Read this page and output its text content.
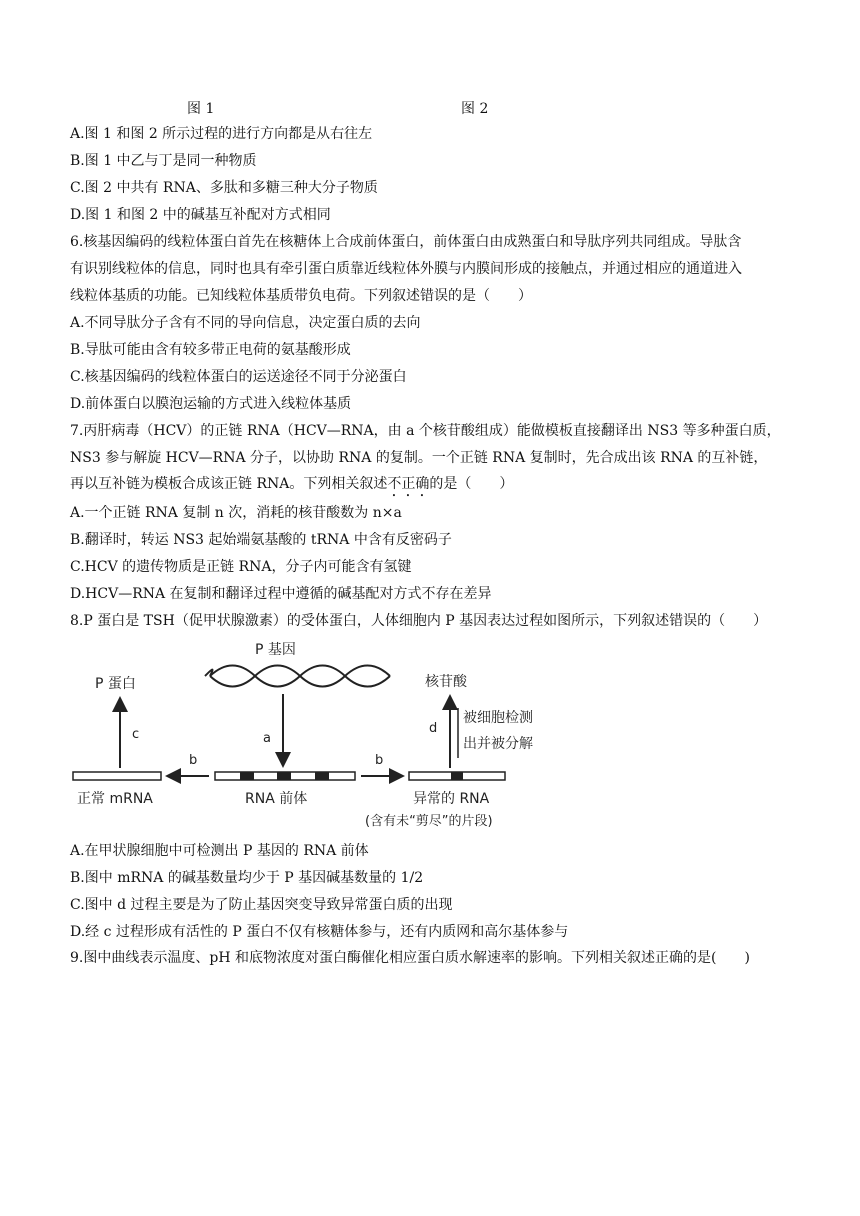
图 1	图 2
A.图 1 和图 2 所示过程的进行方向都是从右往左
B.图 1 中乙与丁是同一种物质
C.图 2 中共有 RNA、多肽和多糖三种大分子物质
D.图 1 和图 2 中的碱基互补配对方式相同
6.核基因编码的线粒体蛋白首先在核糖体上合成前体蛋白，前体蛋白由成熟蛋白和导肽序列共同组成。导肽含
有识别线粒体的信息，同时也具有牵引蛋白质靠近线粒体外膜与内膜间形成的接触点，并通过相应的通道进入
线粒体基质的功能。已知线粒体基质带负电荷。下列叙述错误的是（　　）
A.不同导肽分子含有不同的导向信息，决定蛋白质的去向
B.导肽可能由含有较多带正电荷的氨基酸形成
C.核基因编码的线粒体蛋白的运送途径不同于分泌蛋白
D.前体蛋白以膜泡运输的方式进入线粒体基质
7.丙肝病毒（HCV）的正链 RNA（HCV—RNA，由 a 个核苷酸组成）能做模板直接翻译出 NS3 等多种蛋白质，
NS3 参与解旋 HCV—RNA 分子，以协助 RNA 的复制。一个正链 RNA 复制时，先合成出该 RNA 的互补链，
再以互补链为模板合成该正链 RNA。下列相关叙述不正确的是（　　）
A.一个正链 RNA 复制 n 次，消耗的核苷酸数为 n×a
B.翻译时，转运 NS3 起始端氨基酸的 tRNA 中含有反密码子
C.HCV 的遗传物质是正链 RNA，分子内可能含有氢键
D.HCV—RNA 在复制和翻译过程中遵循的碱基配对方式不存在差异
8.P 蛋白是 TSH（促甲状腺激素）的受体蛋白，人体细胞内 P 基因表达过程如图所示，下列叙述错误的（　　）
P 基因
a
RNA 前体
b
正常 mRNA
c
P 蛋白
b
异常的 RNA
(含有未“剪尽”的片段)
d
核苷酸
被细胞检测
出并被分解
A.在甲状腺细胞中可检测出 P 基因的 RNA 前体
B.图中 mRNA 的碱基数量均少于 P 基因碱基数量的 1/2
C.图中 d 过程主要是为了防止基因突变导致异常蛋白质的出现
D.经 c 过程形成有活性的 P 蛋白不仅有核糖体参与，还有内质网和高尔基体参与
9.图中曲线表示温度、pH 和底物浓度对蛋白酶催化相应蛋白质水解速率的影响。下列相关叙述正确的是(　　)
